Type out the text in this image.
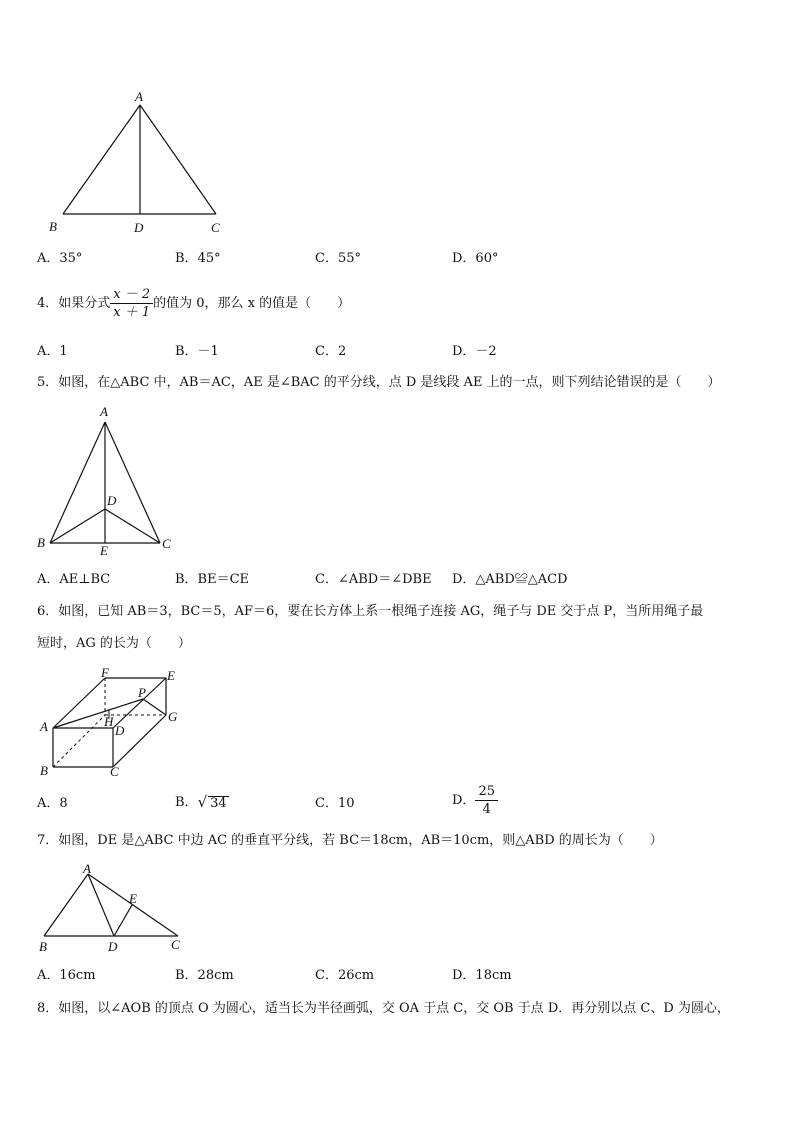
A
B	D	C
A．35°	B．45°	C．55°	D．60°
4．如果分式 $\frac{x - 2}{x + 1}$ 的值为 0，那么 x 的值是（　　）
A．1	B．－1	C．2	D．－2
5．如图，在△ABC 中，AB＝AC，AE 是∠BAC 的平分线，点 D 是线段 AE 上的一点，则下列结论错误的是（　　）
A
D
B	C
E
A．AE⊥BC	B．BE＝CE	C．∠ABD＝∠DBE D．△ABD≌△ACD
6．如图，已知 AB＝3，BC＝5，AF＝6，要在长方体上系一根绳子连接 AG，绳子与 DE 交于点 P，当所用绳子最
短时，AG 的长为（　　）
F	E
P
G
A	H
D
B	C
A．8	B． √ 34	C．10	D． $\frac{25}{4}$
7．如图，DE 是△ABC 中边 AC 的垂直平分线，若 BC＝18cm，AB＝10cm，则△ABD 的周长为（　　）
A
E
B	D	C
A．16cm	B．28cm	C．26cm	D．18cm
8．如图，以∠AOB 的顶点 O 为圆心，适当长为半径画弧，交 OA 于点 C，交 OB 于点 D．再分别以点 C、D 为圆心，
